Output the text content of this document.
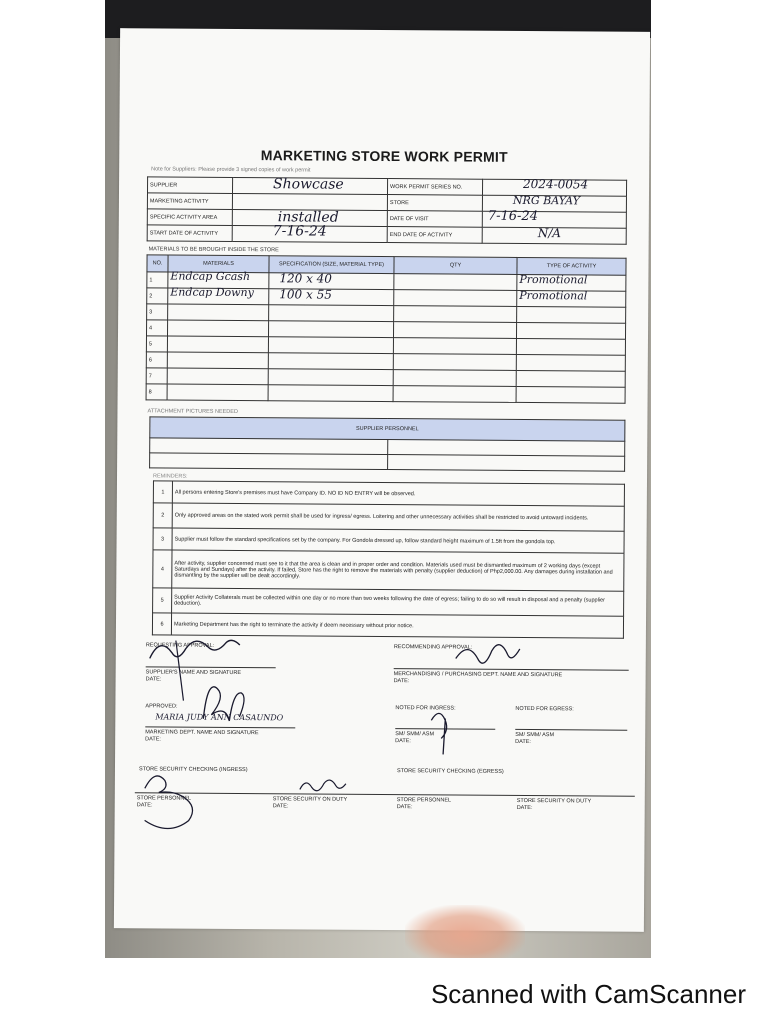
MARKETING STORE WORK PERMIT
Note for Suppliers: Please provide 3 signed copies of work permit
SUPPLIER	Showcase	WORK PERMIT SERIES NO.	2024-0054

MARKETING ACTIVITY		STORE	NRG BAYAY

SPECIFIC ACTIVITY AREA	installed	DATE OF VISIT	7-16-24

START DATE OF ACTIVITY	7-16-24	END DATE OF ACTIVITY	N/A
MATERIALS TO BE BROUGHT INSIDE THE STORE
NO.	MATERIALS	SPECIFICATION (SIZE, MATERIAL TYPE)	QTY	TYPE OF ACTIVITY
1	Endcap Gcash	120 x 40		Promotional

2	Endcap Downy	100 x 55		Promotional

3				
4				
5				
6				
7				
8				
ATTACHMENT PICTURES NEEDED
SUPPLIER PERSONNEL	

REMINDERS:
1	All persons entering Store's premises must have Company ID. NO ID NO ENTRY will be observed.
2	Only approved areas on the stated work permit shall be used for ingress/ egress. Loitering and other unnecessary activities shall be restricted to avoid untoward incidents.
3	Supplier must follow the standard specifications set by the company. For Gondola dressed up, follow standard height maximum of 1.5ft from the gondola top.
4	After activity, supplier concerned must see to it that the area is clean and in proper order and condition. Materials used must be dismantled maximum of 2 working days (except Saturdays and Sundays) after the activity. If failed, Store has the right to remove the materials with penalty (supplier deduction) of Php2,000.00. Any damages during installation and dismantling by the supplier will be dealt accordingly.
5	Supplier Activity Collaterals must be collected within one day or no more than two weeks following the date of egress; failing to do so will result in disposal and a penalty (supplier deduction).
6	Marketing Department has the right to terminate the activity if deem necessary without prior notice.
REQUESTING APPROVAL:	RECOMMENDING APPROVAL:
SUPPLIER'S NAME AND SIGNATURE
DATE:
MERCHANDISING / PURCHASING DEPT. NAME AND SIGNATURE
DATE:
APPROVED:	NOTED FOR INGRESS:	NOTED FOR EGRESS:
MARIA JUDY ANN CASAUNDO
MARKETING DEPT. NAME AND SIGNATURE
DATE:
SM/ SMM/ ASM
DATE:
SM/ SMM/ ASM
DATE:
STORE SECURITY CHECKING (INGRESS)	STORE SECURITY CHECKING (EGRESS)
STORE PERSONNEL
DATE:
STORE SECURITY ON DUTY
DATE:
STORE PERSONNEL
DATE:
STORE SECURITY ON DUTY
DATE:
Scanned with CamScanner
